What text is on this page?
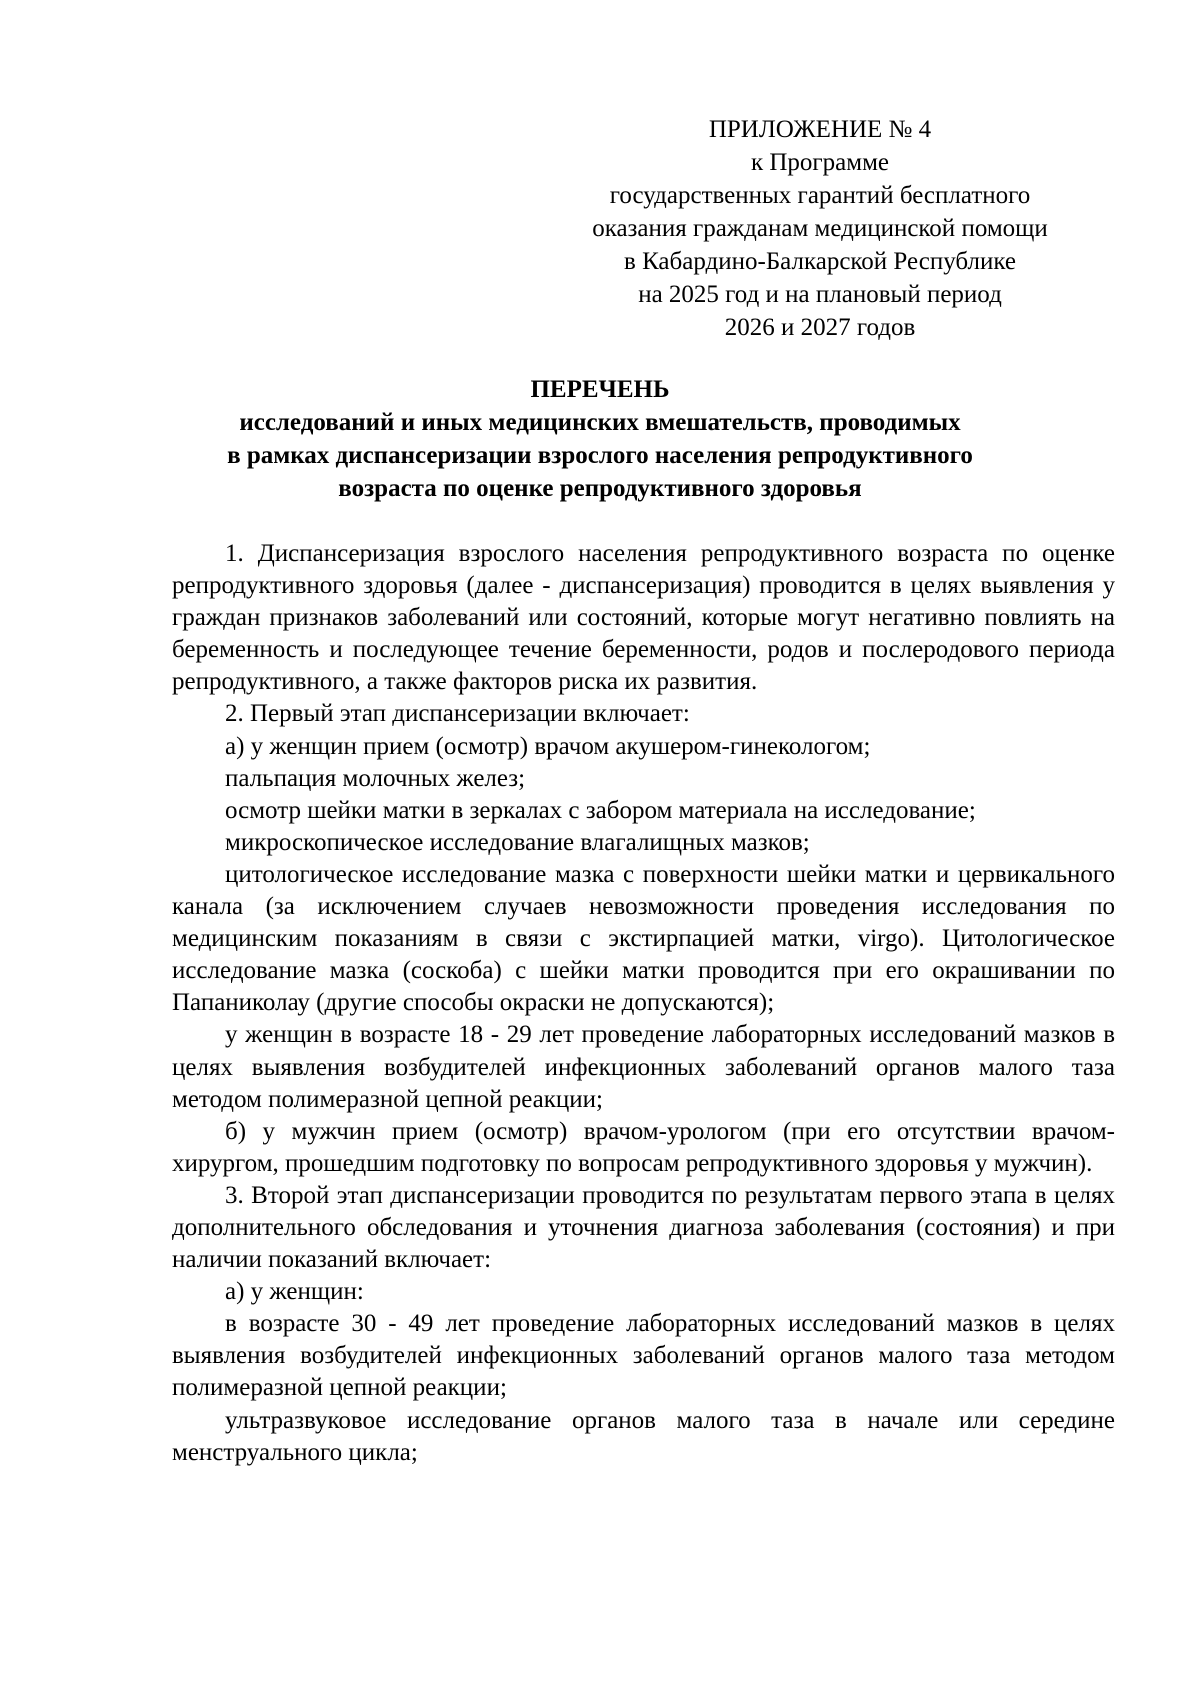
ПРИЛОЖЕНИЕ № 4
к Программе
государственных гарантий бесплатного
оказания гражданам медицинской помощи
в Кабардино-Балкарской Республике
на 2025 год и на плановый период
2026 и 2027 годов
ПЕРЕЧЕНЬ
исследований и иных медицинских вмешательств, проводимых
в рамках диспансеризации взрослого населения репродуктивного
возраста по оценке репродуктивного здоровья

1. Диспансеризация взрослого населения репродуктивного возраста по оценке репродуктивного здоровья (далее - диспансеризация) проводится в целях выявления у граждан признаков заболеваний или состояний, которые могут негативно повлиять на беременность и последующее течение беременности, родов и послеродового периода репродуктивного, а также факторов риска их развития.

2. Первый этап диспансеризации включает:

а) у женщин прием (осмотр) врачом акушером-гинекологом;

пальпация молочных желез;

осмотр шейки матки в зеркалах с забором материала на исследование;

микроскопическое исследование влагалищных мазков;

цитологическое исследование мазка с поверхности шейки матки и цервикального канала (за исключением случаев невозможности проведения исследования по медицинским показаниям в связи с экстирпацией матки, virgo). Цитологическое исследование мазка (соскоба) с шейки матки проводится при его окрашивании по Папаниколау (другие способы окраски не допускаются);

у женщин в возрасте 18 - 29 лет проведение лабораторных исследований мазков в целях выявления возбудителей инфекционных заболеваний органов малого таза методом полимеразной цепной реакции;

б) у мужчин прием (осмотр) врачом-урологом (при его отсутствии врачом-хирургом, прошедшим подготовку по вопросам репродуктивного здоровья у мужчин).

3. Второй этап диспансеризации проводится по результатам первого этапа в целях дополнительного обследования и уточнения диагноза заболевания (состояния) и при наличии показаний включает:

а) у женщин:

в возрасте 30 - 49 лет проведение лабораторных исследований мазков в целях выявления возбудителей инфекционных заболеваний органов малого таза методом полимеразной цепной реакции;

ультразвуковое исследование органов малого таза в начале или середине менструального цикла;
